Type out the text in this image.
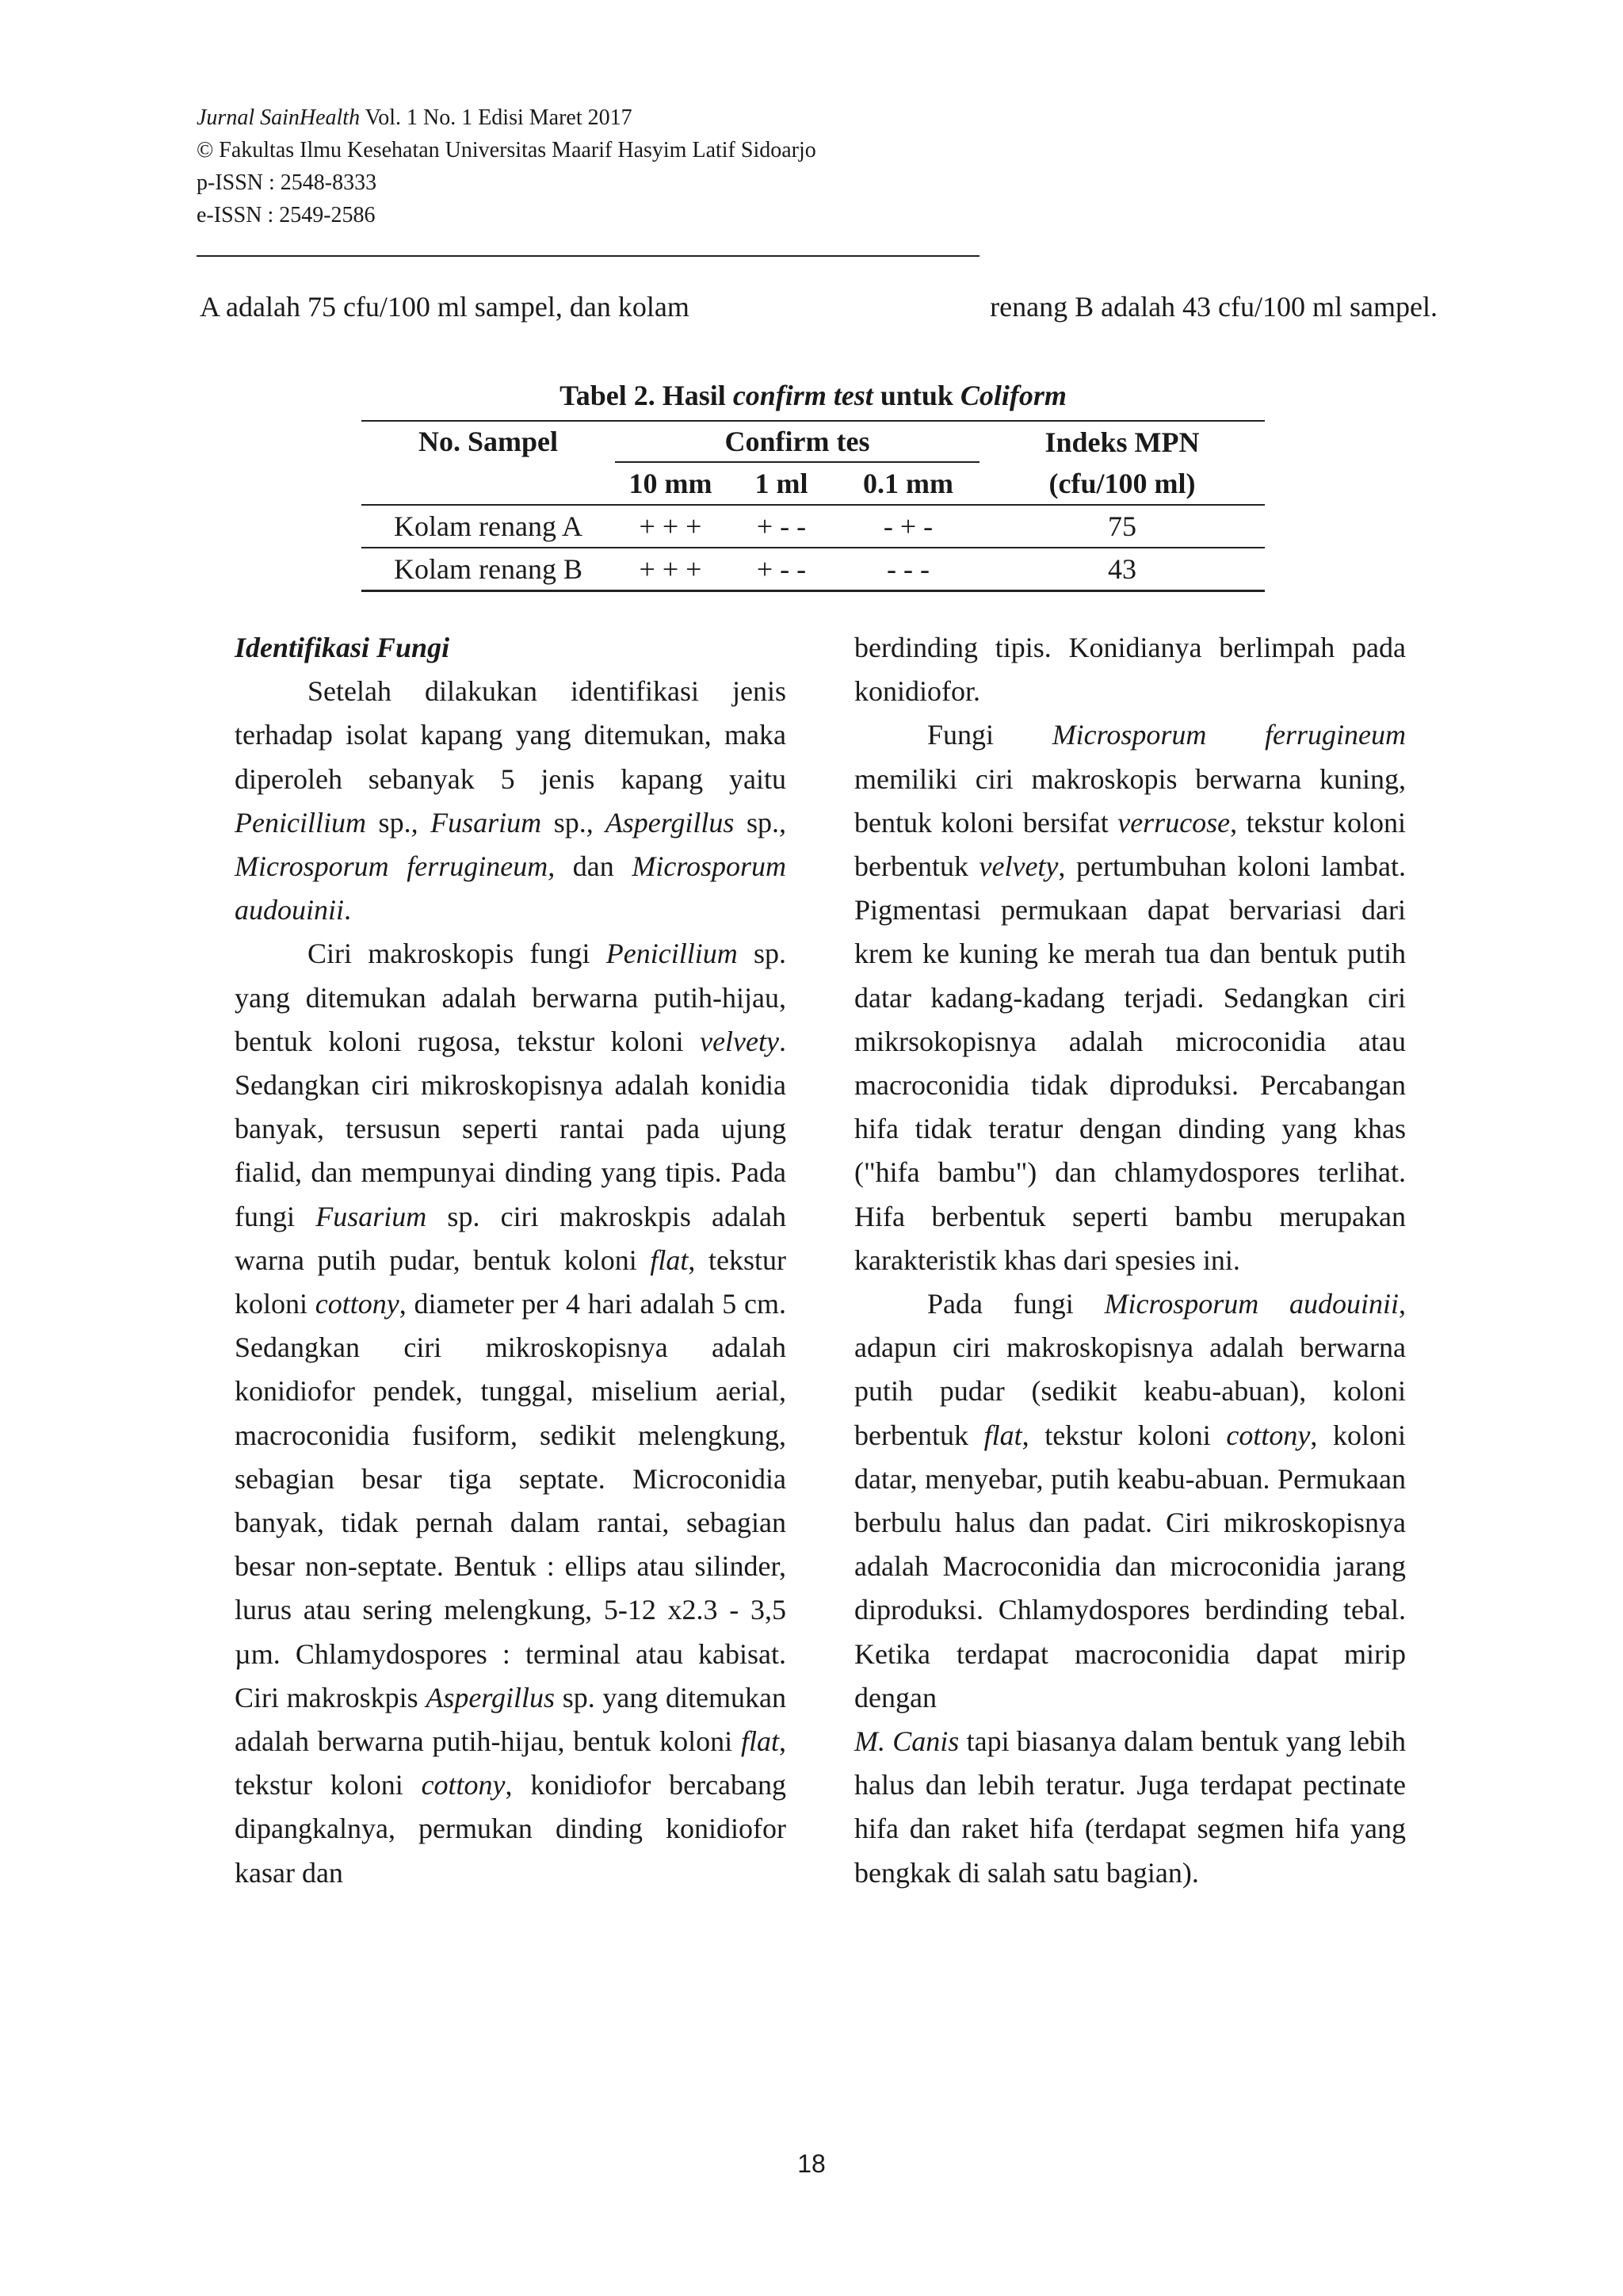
Jurnal SainHealth Vol. 1 No. 1 Edisi Maret 2017
© Fakultas Ilmu Kesehatan Universitas Maarif Hasyim Latif Sidoarjo
p-ISSN : 2548-8333
e-ISSN : 2549-2586
A adalah 75 cfu/100 ml sampel, dan kolam	renang B adalah 43 cfu/100 ml sampel.
Tabel 2. Hasil confirm test untuk Coliform
No. Sampel	Confirm tes			Indeks MPN
	10 mm	1 ml	0.1 mm	(cfu/100 ml)
Kolam renang A	+ + +	+ - -	- + -	75
Kolam renang B	+ + +	+ - -	- - -	43

Identifikasi Fungi

Setelah dilakukan identifikasi jenis terhadap isolat kapang yang ditemukan, maka diperoleh sebanyak 5 jenis kapang yaitu Penicillium sp., Fusarium sp., Aspergillus sp., Microsporum ferrugineum, dan Microsporum audouinii.

Ciri makroskopis fungi Penicillium sp. yang ditemukan adalah berwarna putih-hijau, bentuk koloni rugosa, tekstur koloni velvety. Sedangkan ciri mikroskopisnya adalah konidia banyak, tersusun seperti rantai pada ujung fialid, dan mempunyai dinding yang tipis. Pada fungi Fusarium sp. ciri makroskpis adalah warna putih pudar, bentuk koloni flat, tekstur koloni cottony, diameter per 4 hari adalah 5 cm. Sedangkan ciri mikroskopisnya adalah konidiofor pendek, tunggal, miselium aerial, macroconidia fusiform, sedikit melengkung, sebagian besar tiga septate. Microconidia banyak, tidak pernah dalam rantai, sebagian besar non-septate. Bentuk : ellips atau silinder, lurus atau sering melengkung, 5-12 x2.3 - 3,5 µm. Chlamydospores : terminal atau kabisat. Ciri makroskpis Aspergillus sp. yang ditemukan adalah berwarna putih-hijau, bentuk koloni flat, tekstur koloni cottony, konidiofor bercabang dipangkalnya, permukan dinding konidiofor kasar dan

berdinding tipis. Konidianya berlimpah pada konidiofor.

Fungi Microsporum ferrugineum memiliki ciri makroskopis berwarna kuning, bentuk koloni bersifat verrucose, tekstur koloni berbentuk velvety, pertumbuhan koloni lambat. Pigmentasi permukaan dapat bervariasi dari krem ke kuning ke merah tua dan bentuk putih datar kadang-kadang terjadi. Sedangkan ciri mikrsokopisnya adalah microconidia atau macroconidia tidak diproduksi. Percabangan hifa tidak teratur dengan dinding yang khas ("hifa bambu") dan chlamydospores terlihat. Hifa berbentuk seperti bambu merupakan karakteristik khas dari spesies ini.

Pada fungi Microsporum audouinii, adapun ciri makroskopisnya adalah berwarna putih pudar (sedikit keabu-abuan), koloni berbentuk flat, tekstur koloni cottony, koloni datar, menyebar, putih keabu-abuan. Permukaan berbulu halus dan padat. Ciri mikroskopisnya adalah Macroconidia dan microconidia jarang diproduksi. Chlamydospores berdinding tebal. Ketika terdapat macroconidia dapat mirip dengan
M. Canis tapi biasanya dalam bentuk yang lebih halus dan lebih teratur. Juga terdapat pectinate hifa dan raket hifa (terdapat segmen hifa yang bengkak di salah satu bagian).

18
